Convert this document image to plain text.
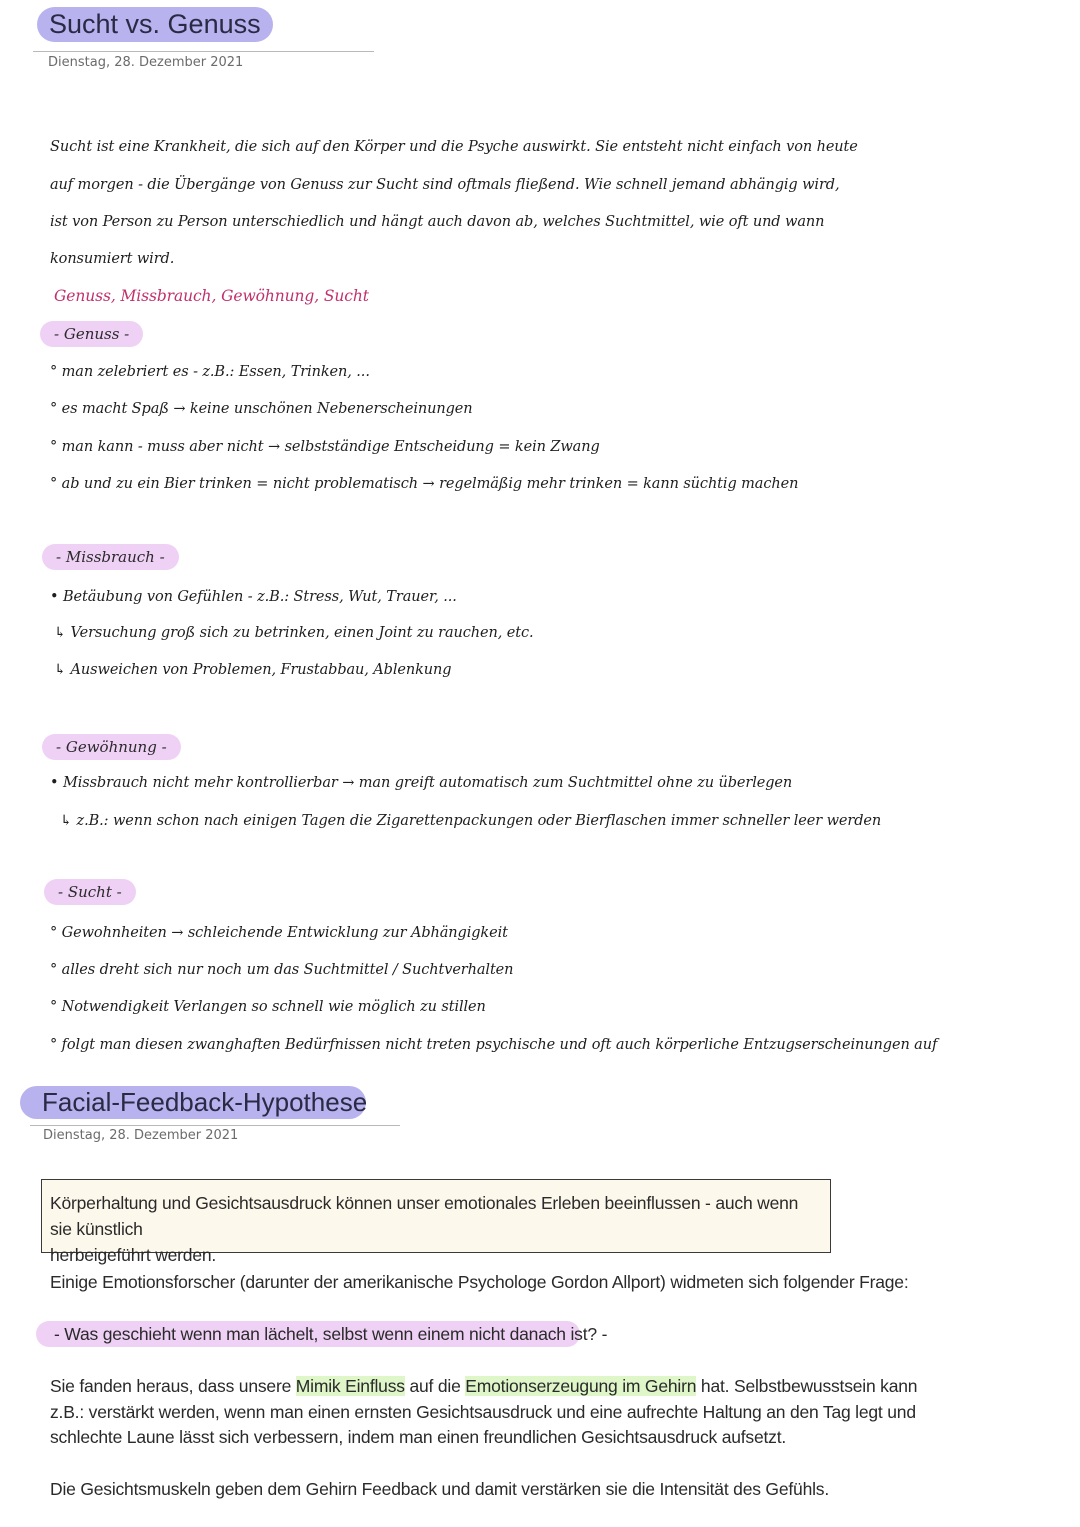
Sucht vs. Genuss
Dienstag, 28. Dezember 2021
Sucht ist eine Krankheit, die sich auf den Körper und die Psyche auswirkt. Sie entsteht nicht einfach von heute
auf morgen - die Übergänge von Genuss zur Sucht sind oftmals fließend. Wie schnell jemand abhängig wird,
ist von Person zu Person unterschiedlich und hängt auch davon ab, welches Suchtmittel, wie oft und wann
konsumiert wird.
Genuss, Missbrauch, Gewöhnung, Sucht
- Genuss -
° man zelebriert es - z.B.: Essen, Trinken, ...
° es macht Spaß → keine unschönen Nebenerscheinungen
° man kann - muss aber nicht → selbstständige Entscheidung = kein Zwang
° ab und zu ein Bier trinken = nicht problematisch → regelmäßig mehr trinken = kann süchtig machen
- Missbrauch -
• Betäubung von Gefühlen - z.B.: Stress, Wut, Trauer, ...
↳ Versuchung groß sich zu betrinken, einen Joint zu rauchen, etc.
↳ Ausweichen von Problemen, Frustabbau, Ablenkung
- Gewöhnung -
• Missbrauch nicht mehr kontrollierbar → man greift automatisch zum Suchtmittel ohne zu überlegen
↳ z.B.: wenn schon nach einigen Tagen die Zigarettenpackungen oder Bierflaschen immer schneller leer werden
- Sucht -
° Gewohnheiten → schleichende Entwicklung zur Abhängigkeit
° alles dreht sich nur noch um das Suchtmittel / Suchtverhalten
° Notwendigkeit Verlangen so schnell wie möglich zu stillen
° folgt man diesen zwanghaften Bedürfnissen nicht treten psychische und oft auch körperliche Entzugserscheinungen auf
Facial-Feedback-Hypothese
Dienstag, 28. Dezember 2021
Körperhaltung und Gesichtsausdruck können unser emotionales Erleben beeinflussen - auch wenn sie künstlich
herbeigeführt werden.
Einige Emotionsforscher (darunter der amerikanische Psychologe Gordon Allport) widmeten sich folgender Frage:
- Was geschieht wenn man lächelt, selbst wenn einem nicht danach ist? -
Sie fanden heraus, dass unsere Mimik Einfluss auf die Emotionserzeugung im Gehirn hat. Selbstbewusstsein kann
z.B.: verstärkt werden, wenn man einen ernsten Gesichtsausdruck und eine aufrechte Haltung an den Tag legt und
schlechte Laune lässt sich verbessern, indem man einen freundlichen Gesichtsausdruck aufsetzt.
Die Gesichtsmuskeln geben dem Gehirn Feedback und damit verstärken sie die Intensität des Gefühls.
